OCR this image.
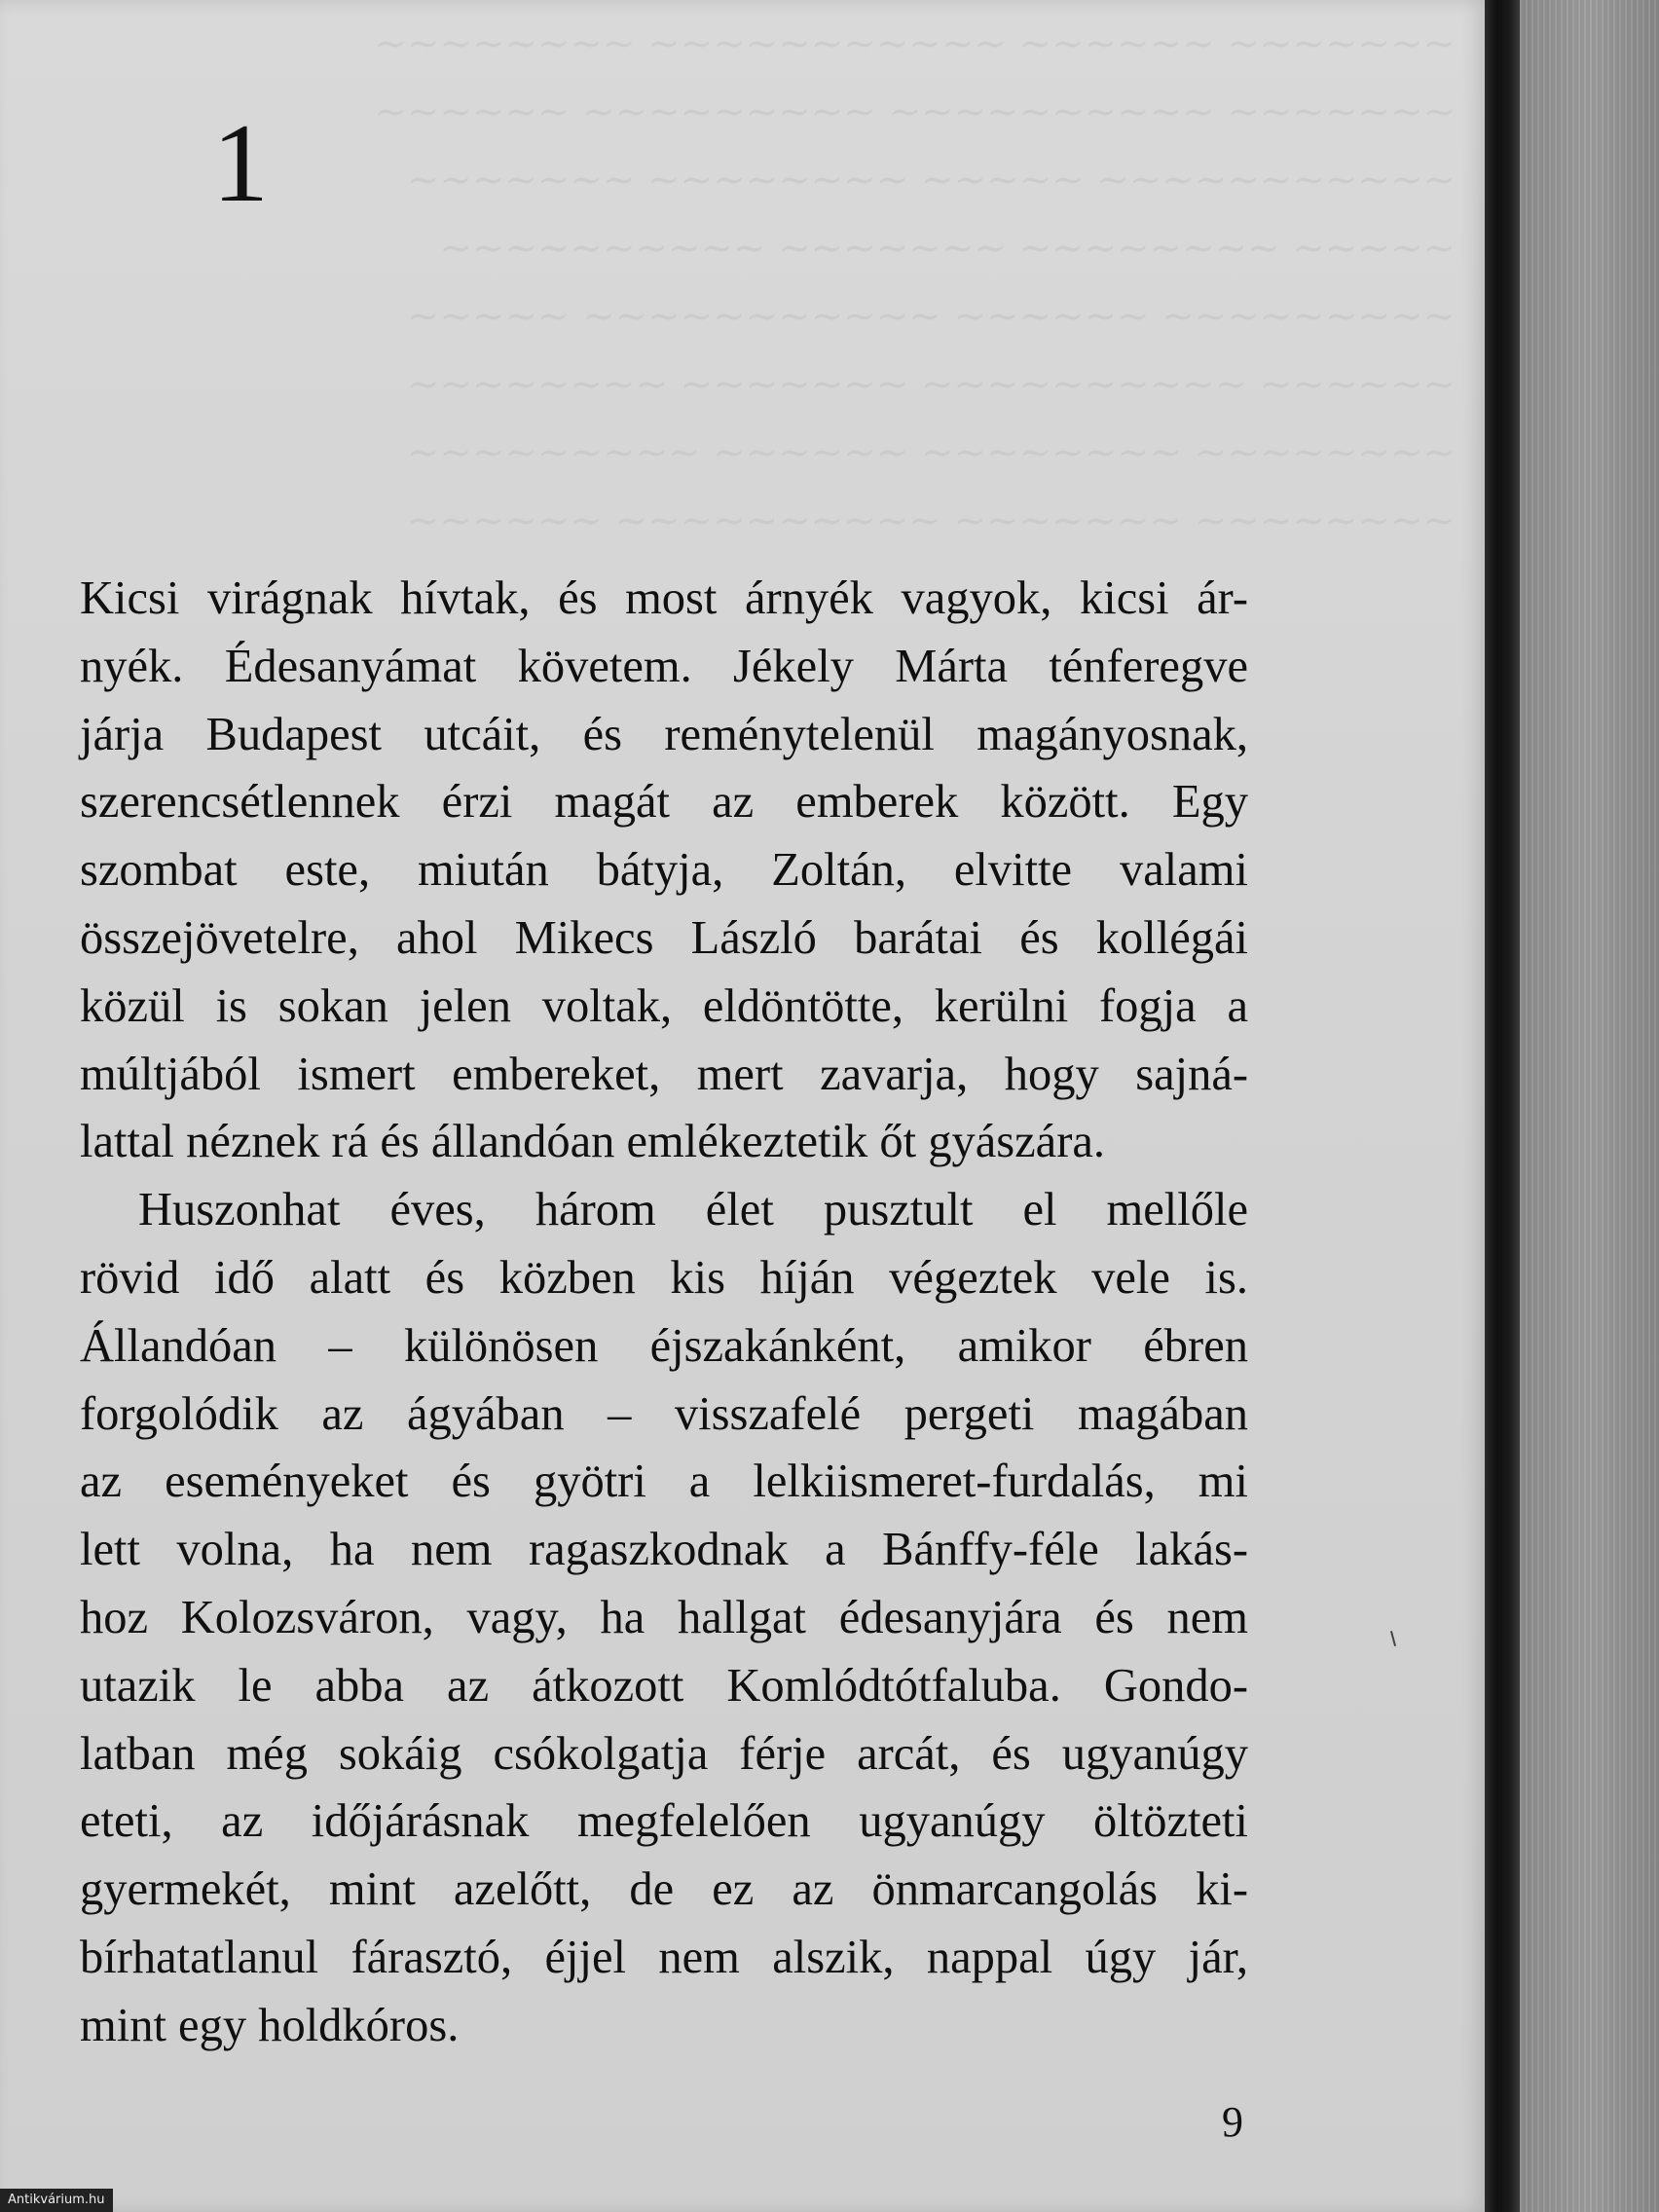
~~~~~~~~ ~~~~~~~~~~~ ~~~~~~ ~~~~~~~
~~~~~~ ~~~~~~~~~ ~~~~~~~~~~ ~~~~~~~
~~~~~~~ ~~~~~~~~ ~~~~~ ~~~~~~~~~~~
~~~~~~~~~~ ~~~~~~~ ~~~~~~~~ ~~~~~
~~~~~ ~~~~~~~~~~~ ~~~~~~ ~~~~~~~~~
~~~~~~~~ ~~~~~~~ ~~~~~~~~~~ ~~~~~~
~~~~~~~~~ ~~~~~~ ~~~~~~~~ ~~~~~~~~
~~~~~~ ~~~~~~~~~~ ~~~~~~~ ~~~~~~~~
1
Kicsi virágnak hívtak, és most árnyék vagyok, kicsi ár-
nyék. Édesanyámat követem. Jékely Márta ténferegve
járja Budapest utcáit, és reménytelenül magányosnak,
szerencsétlennek érzi magát az emberek között. Egy
szombat este, miután bátyja, Zoltán, elvitte valami
összejövetelre, ahol Mikecs László barátai és kollégái
közül is sokan jelen voltak, eldöntötte, kerülni fogja a
múltjából ismert embereket, mert zavarja, hogy sajná-
lattal néznek rá és állandóan emlékeztetik őt gyászára.
Huszonhat éves, három élet pusztult el mellőle
rövid idő alatt és közben kis híján végeztek vele is.
Állandóan – különösen éjszakánként, amikor ébren
forgolódik az ágyában – visszafelé pergeti magában
az eseményeket és gyötri a lelkiismeret-furdalás, mi
lett volna, ha nem ragaszkodnak a Bánffy-féle lakás-
hoz Kolozsváron, vagy, ha hallgat édesanyjára és nem
utazik le abba az átkozott Komlódtótfaluba. Gondo-
latban még sokáig csókolgatja férje arcát, és ugyanúgy
eteti, az időjárásnak megfelelően ugyanúgy öltözteti
gyermekét, mint azelőtt, de ez az önmarcangolás ki-
bírhatatlanul fárasztó, éjjel nem alszik, nappal úgy jár,
mint egy holdkóros.
9
Antikvárium.hu
